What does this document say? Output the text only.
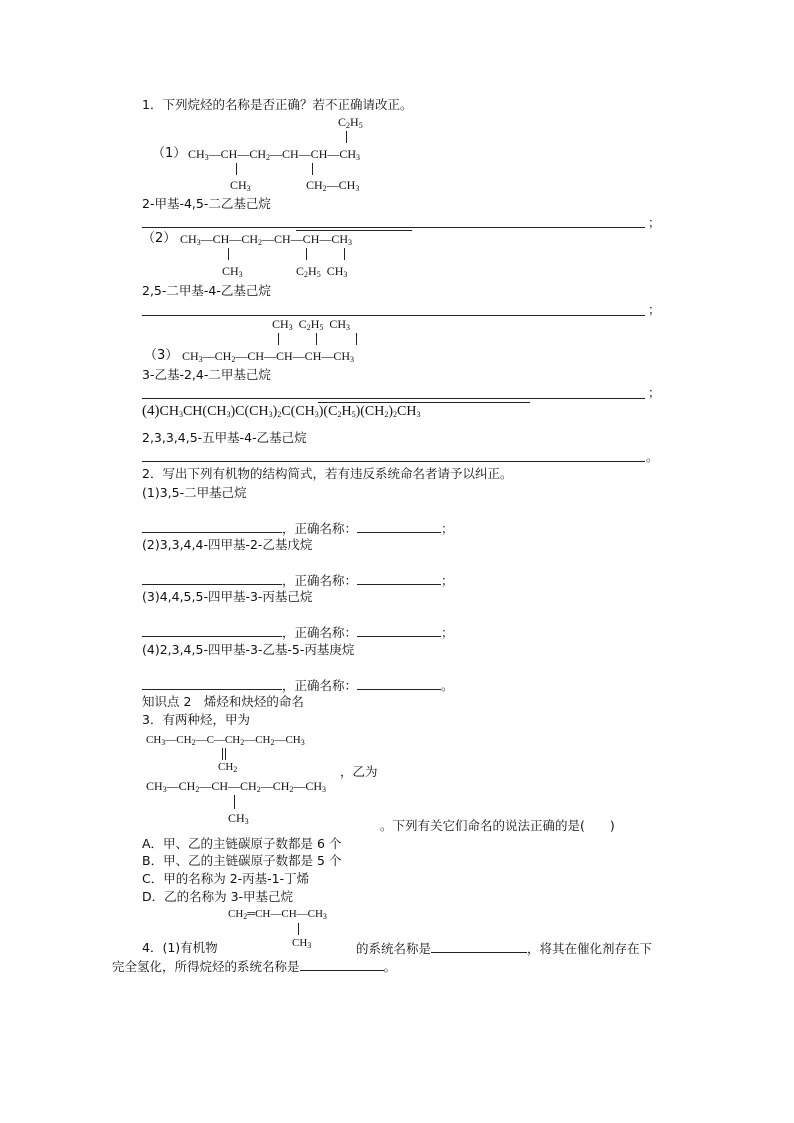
1．下列烷烃的名称是否正确？若不正确请改正。
$C_2H_5$
（1） $CH_3—CH—CH_2—CH—CH—CH_3$
$CH_3$	$CH_2—CH_3$
2-甲基-4,5-二乙基己烷
；
（2） $CH_3—CH—CH_2—CH—CH—CH_3$
$CH_3$	$C_2H_5$  $CH_3$
2,5-二甲基-4-乙基己烷
；
$CH_3$  $C_2H_5$  $CH_3$
（3） $CH_3—CH_2—CH—CH—CH—CH_3$
3-乙基-2,4-二甲基己烷
；
$(4)CH_3CH(CH_3)C(CH_3)_2C(CH_3)(C_2H_5)(CH_2)_2CH_3$
2,3,3,4,5-五甲基-4-乙基己烷
。
2．写出下列有机物的结构简式，若有违反系统命名者请予以纠正。
(1)3,5-二甲基己烷
，正确名称：	；
(2)3,3,4,4-四甲基-2-乙基戊烷
，正确名称：	；
(3)4,4,5,5-四甲基-3-丙基己烷
，正确名称：	；
(4)2,3,4,5-四甲基-3-乙基-5-丙基庚烷
，正确名称：	。
知识点 2　烯烃和炔烃的命名
3．有两种烃，甲为
$CH_3—CH_2—C—CH_2—CH_2—CH_3$
$CH_2$
$CH_3—CH_2—CH—CH_2—CH_2—CH_3$
$CH_3$
，乙为
。下列有关它们命名的说法正确的是(　　)
A．甲、乙的主链碳原子数都是 6 个
B．甲、乙的主链碳原子数都是 5 个
C．甲的名称为 2-丙基-1-丁烯
D．乙的名称为 3-甲基己烷
$CH_2═CH—CH—CH_3$
$CH_3$
4．(1)有机物	的系统名称是	，将其在催化剂存在下
完全氢化，所得烷烃的系统名称是	。
